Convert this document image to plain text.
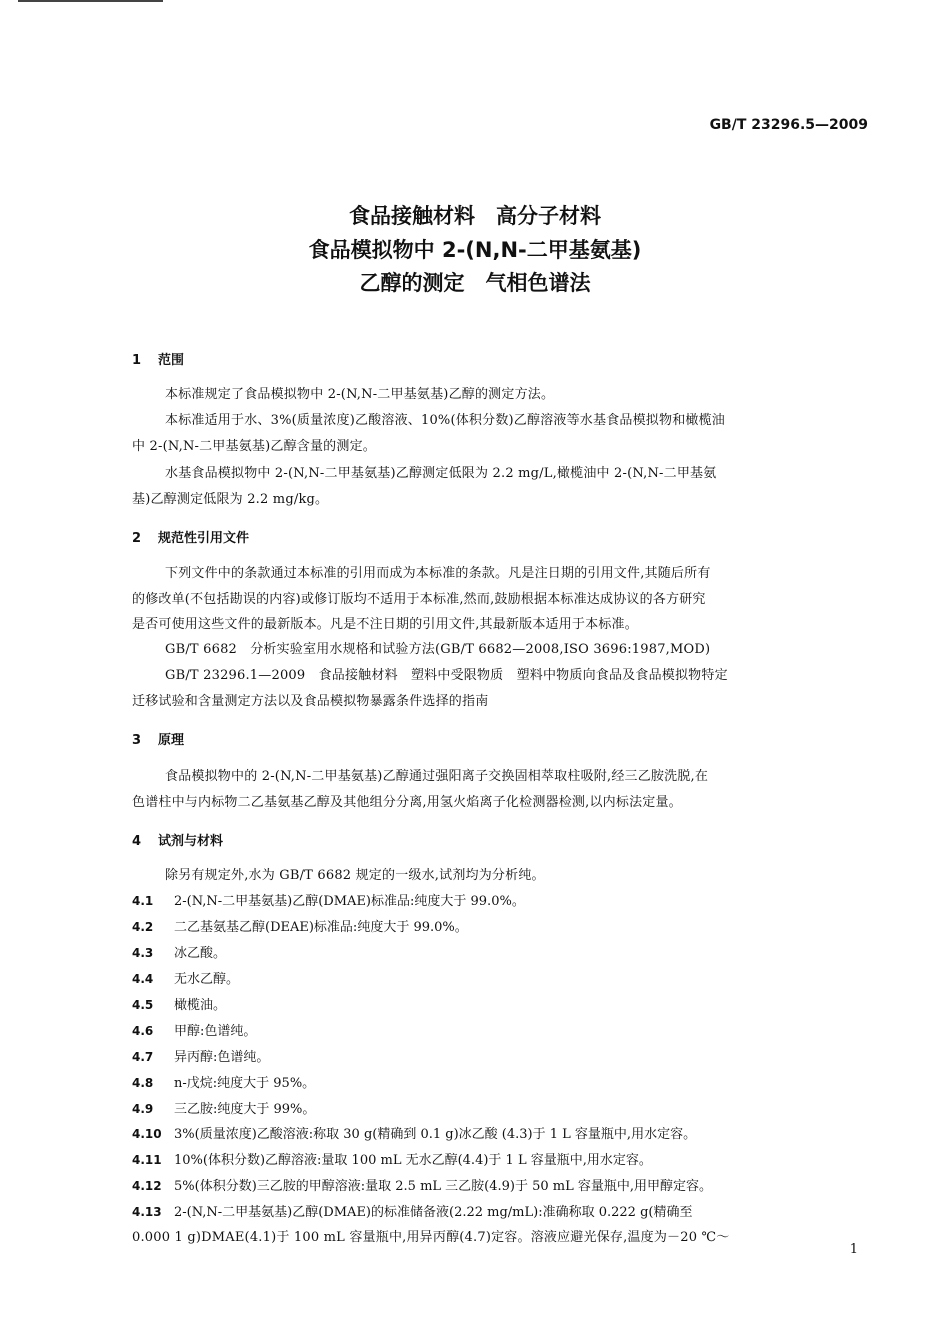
GB/T 23296.5—2009
食品接触材料　高分子材料
食品模拟物中 2-(N,N-二甲基氨基)
乙醇的测定　气相色谱法
1 范围
本标准规定了食品模拟物中 2-(N,N-二甲基氨基)乙醇的测定方法。
本标准适用于水、3%(质量浓度)乙酸溶液、10%(体积分数)乙醇溶液等水基食品模拟物和橄榄油
中 2-(N,N-二甲基氨基)乙醇含量的测定。
水基食品模拟物中 2-(N,N-二甲基氨基)乙醇测定低限为 2.2 mg/L,橄榄油中 2-(N,N-二甲基氨
基)乙醇测定低限为 2.2 mg/kg。
2 规范性引用文件
下列文件中的条款通过本标准的引用而成为本标准的条款。凡是注日期的引用文件,其随后所有
的修改单(不包括勘误的内容)或修订版均不适用于本标准,然而,鼓励根据本标准达成协议的各方研究
是否可使用这些文件的最新版本。凡是不注日期的引用文件,其最新版本适用于本标准。
GB/T 6682　分析实验室用水规格和试验方法(GB/T 6682—2008,ISO 3696:1987,MOD)
GB/T 23296.1—2009　食品接触材料　塑料中受限物质　塑料中物质向食品及食品模拟物特定
迁移试验和含量测定方法以及食品模拟物暴露条件选择的指南
3 原理
食品模拟物中的 2-(N,N-二甲基氨基)乙醇通过强阳离子交换固相萃取柱吸附,经三乙胺洗脱,在
色谱柱中与内标物二乙基氨基乙醇及其他组分分离,用氢火焰离子化检测器检测,以内标法定量。
4 试剂与材料
除另有规定外,水为 GB/T 6682 规定的一级水,试剂均为分析纯。
4.1 2-(N,N-二甲基氨基)乙醇(DMAE)标准品:纯度大于 99.0%。
4.2 二乙基氨基乙醇(DEAE)标准品:纯度大于 99.0%。
4.3 冰乙酸。
4.4 无水乙醇。
4.5 橄榄油。
4.6 甲醇:色谱纯。
4.7 异丙醇:色谱纯。
4.8 n-戊烷:纯度大于 95%。
4.9 三乙胺:纯度大于 99%。
4.10 3%(质量浓度)乙酸溶液:称取 30 g(精确到 0.1 g)冰乙酸 (4.3)于 1 L 容量瓶中,用水定容。
4.11 10%(体积分数)乙醇溶液:量取 100 mL 无水乙醇(4.4)于 1 L 容量瓶中,用水定容。
4.12 5%(体积分数)三乙胺的甲醇溶液:量取 2.5 mL 三乙胺(4.9)于 50 mL 容量瓶中,用甲醇定容。
4.13 2-(N,N-二甲基氨基)乙醇(DMAE)的标准储备液(2.22 mg/mL):准确称取 0.222 g(精确至
0.000 1 g)DMAE(4.1)于 100 mL 容量瓶中,用异丙醇(4.7)定容。溶液应避光保存,温度为－20 ℃～
1
